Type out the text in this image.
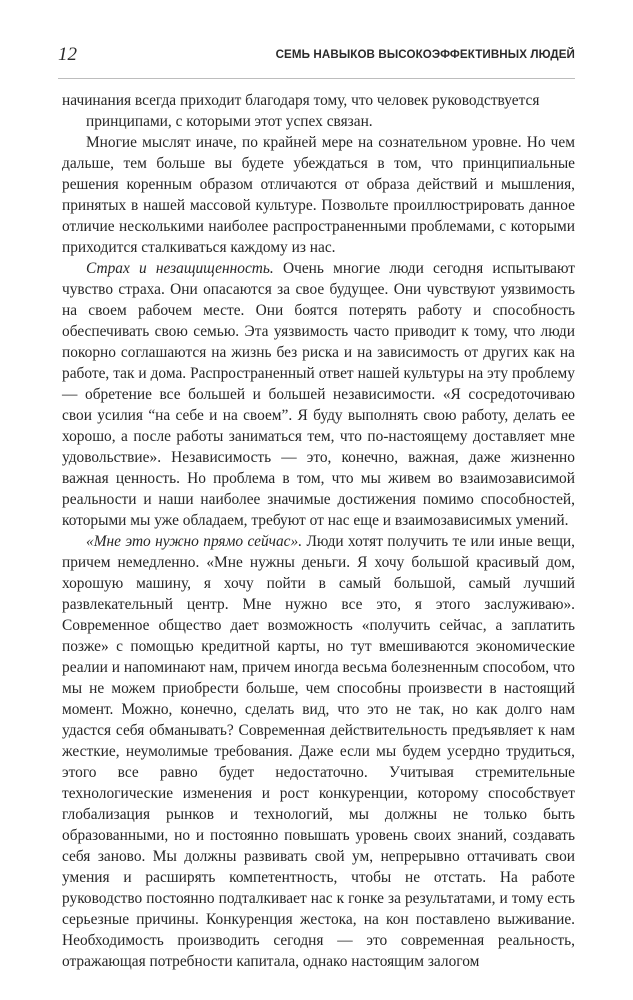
12	СЕМЬ НАВЫКОВ ВЫСОКОЭФФЕКТИВНЫХ ЛЮДЕЙ

начинания всегда приходит благодаря тому, что человек руководствуется
принципами, с которыми этот успех связан.

Многие мыслят иначе, по крайней мере на сознательном уровне. Но чем дальше, тем больше вы будете убеждаться в том, что принципиальные решения коренным образом отличаются от образа действий и мышления, принятых в нашей массовой культуре. Позвольте проиллюстрировать данное отличие несколькими наиболее распространенными проблемами, с которыми приходится сталкиваться каждому из нас.

Страх и незащищенность. Очень многие люди сегодня испытывают чувство страха. Они опасаются за свое будущее. Они чувствуют уязвимость на своем рабочем месте. Они боятся потерять работу и способность обеспечивать свою семью. Эта уязвимость часто приводит к тому, что люди покорно соглашаются на жизнь без риска и на зависимость от других как на работе, так и дома. Распространенный ответ нашей культуры на эту проблему — обретение все большей и большей независимости. «Я сосредоточиваю свои усилия “на себе и на своем”. Я буду выполнять свою работу, делать ее хорошо, а после работы заниматься тем, что по-настоящему доставляет мне удовольствие». Независимость — это, конечно, важная, даже жизненно важная ценность. Но проблема в том, что мы живем во взаимозависимой реальности и наши наиболее значимые достижения помимо способностей, которыми мы уже обладаем, требуют от нас еще и взаимозависимых умений.

«Мне это нужно прямо сейчас». Люди хотят получить те или иные вещи, причем немедленно. «Мне нужны деньги. Я хочу большой красивый дом, хорошую машину, я хочу пойти в самый большой, самый лучший развлекательный центр. Мне нужно все это, я этого заслуживаю». Современное общество дает возможность «получить сейчас, а заплатить позже» с помощью кредитной карты, но тут вмешиваются экономические реалии и напоминают нам, причем иногда весьма болезненным способом, что мы не можем приобрести больше, чем способны произвести в настоящий момент. Можно, конечно, сделать вид, что это не так, но как долго нам удастся себя обманывать? Современная действительность предъявляет к нам жесткие, неумолимые требования. Даже если мы будем усердно трудиться, этого все равно будет недостаточно. Учитывая стремительные технологические изменения и рост конкуренции, которому способствует глобализация рынков и технологий, мы должны не только быть образованными, но и постоянно повышать уровень своих знаний, создавать себя заново. Мы должны развивать свой ум, непрерывно оттачивать свои умения и расширять компетентность, чтобы не отстать. На работе руководство постоянно подталкивает нас к гонке за результатами, и тому есть серьезные причины. Конкуренция жестока, на кон поставлено выживание. Необходимость производить сегодня — это современная реальность, отражающая потребности капитала, однако настоящим залогом
